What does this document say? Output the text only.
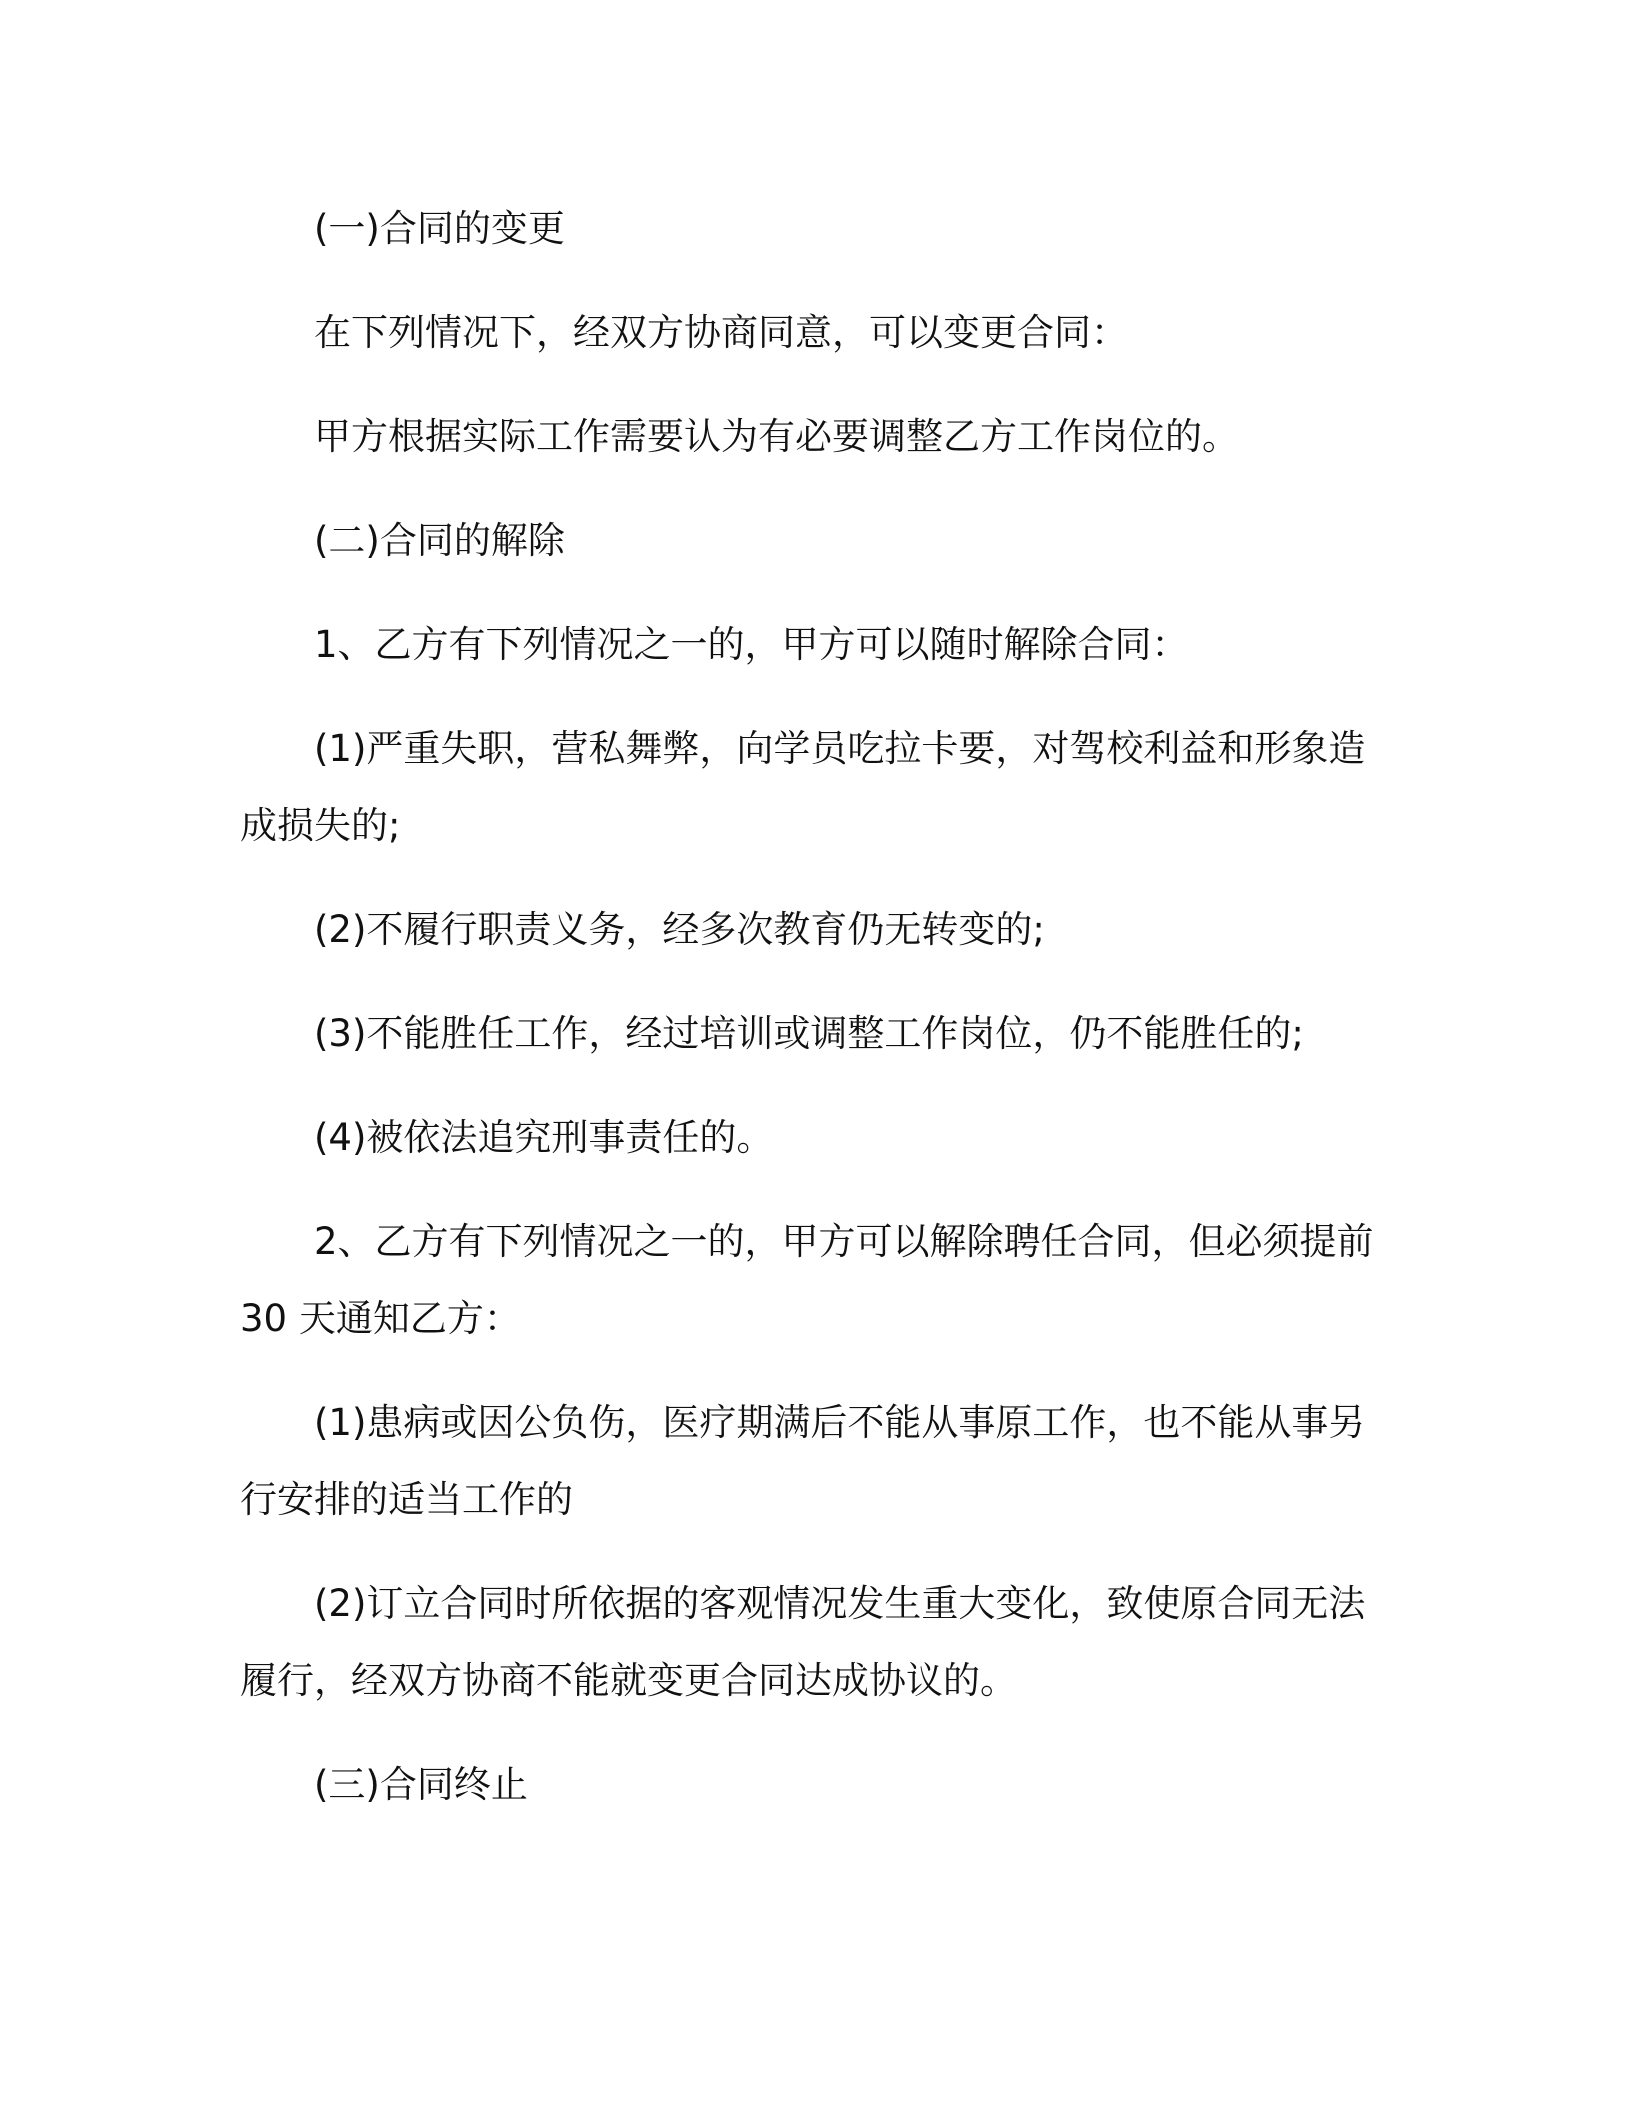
(一)合同的变更

在下列情况下，经双方协商同意，可以变更合同：

甲方根据实际工作需要认为有必要调整乙方工作岗位的。

(二)合同的解除

1、乙方有下列情况之一的，甲方可以随时解除合同：

(1)严重失职，营私舞弊，向学员吃拉卡要，对驾校利益和形象造成损失的;

(2)不履行职责义务，经多次教育仍无转变的;

(3)不能胜任工作，经过培训或调整工作岗位，仍不能胜任的;

(4)被依法追究刑事责任的。

2、乙方有下列情况之一的，甲方可以解除聘任合同，但必须提前 30 天通知乙方：

(1)患病或因公负伤，医疗期满后不能从事原工作，也不能从事另行安排的适当工作的

(2)订立合同时所依据的客观情况发生重大变化，致使原合同无法履行，经双方协商不能就变更合同达成协议的。

(三)合同终止
